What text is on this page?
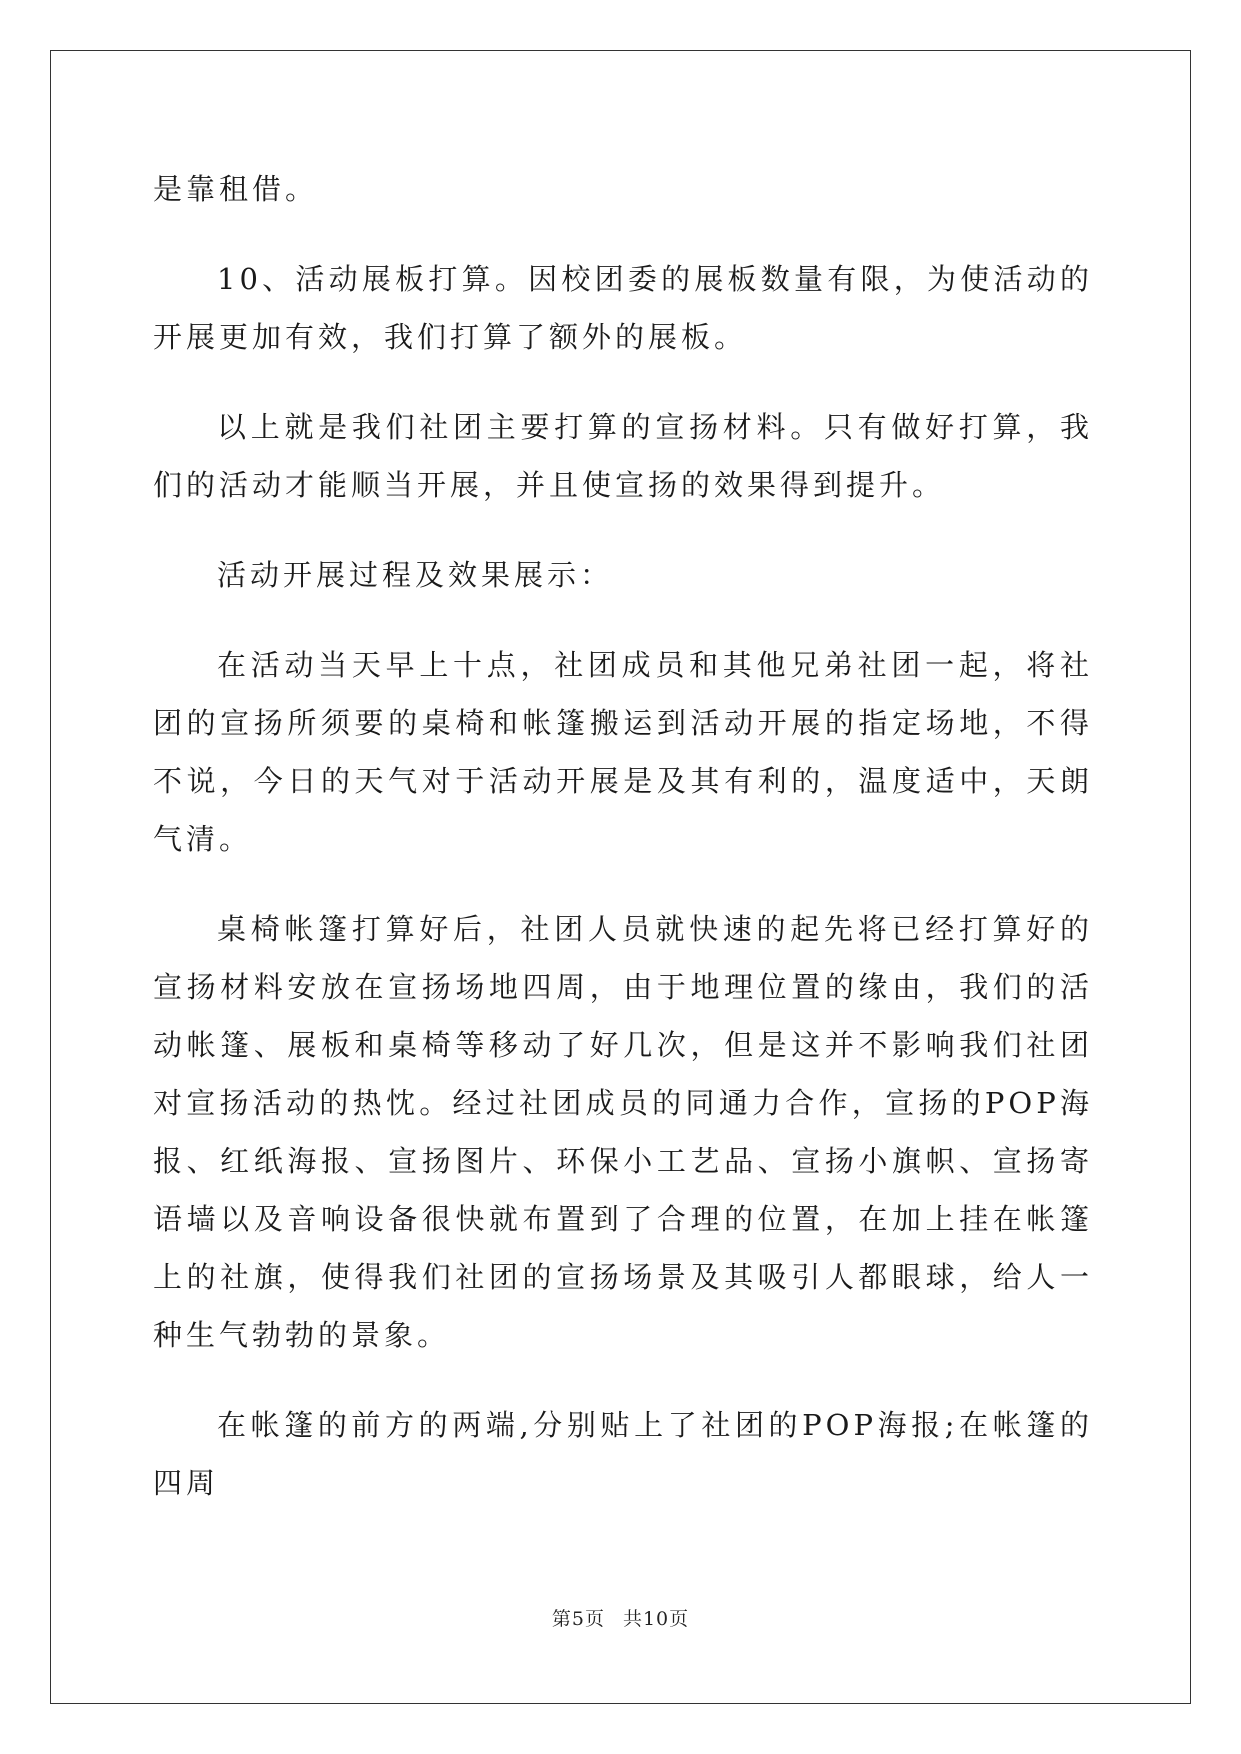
是靠租借。

10、活动展板打算。因校团委的展板数量有限，为使活动的开展更加有效，我们打算了额外的展板。

以上就是我们社团主要打算的宣扬材料。只有做好打算，我们的活动才能顺当开展，并且使宣扬的效果得到提升。

活动开展过程及效果展示：

在活动当天早上十点，社团成员和其他兄弟社团一起，将社团的宣扬所须要的桌椅和帐篷搬运到活动开展的指定场地，不得不说，今日的天气对于活动开展是及其有利的，温度适中，天朗气清。

桌椅帐篷打算好后，社团人员就快速的起先将已经打算好的宣扬材料安放在宣扬场地四周，由于地理位置的缘由，我们的活动帐篷、展板和桌椅等移动了好几次，但是这并不影响我们社团对宣扬活动的热忱。经过社团成员的同通力合作，宣扬的POP海报、红纸海报、宣扬图片、环保小工艺品、宣扬小旗帜、宣扬寄语墙以及音响设备很快就布置到了合理的位置，在加上挂在帐篷上的社旗，使得我们社团的宣扬场景及其吸引人都眼球，给人一种生气勃勃的景象。

在帐篷的前方的两端,分别贴上了社团的POP海报;在帐篷的四周

第5页 共10页
